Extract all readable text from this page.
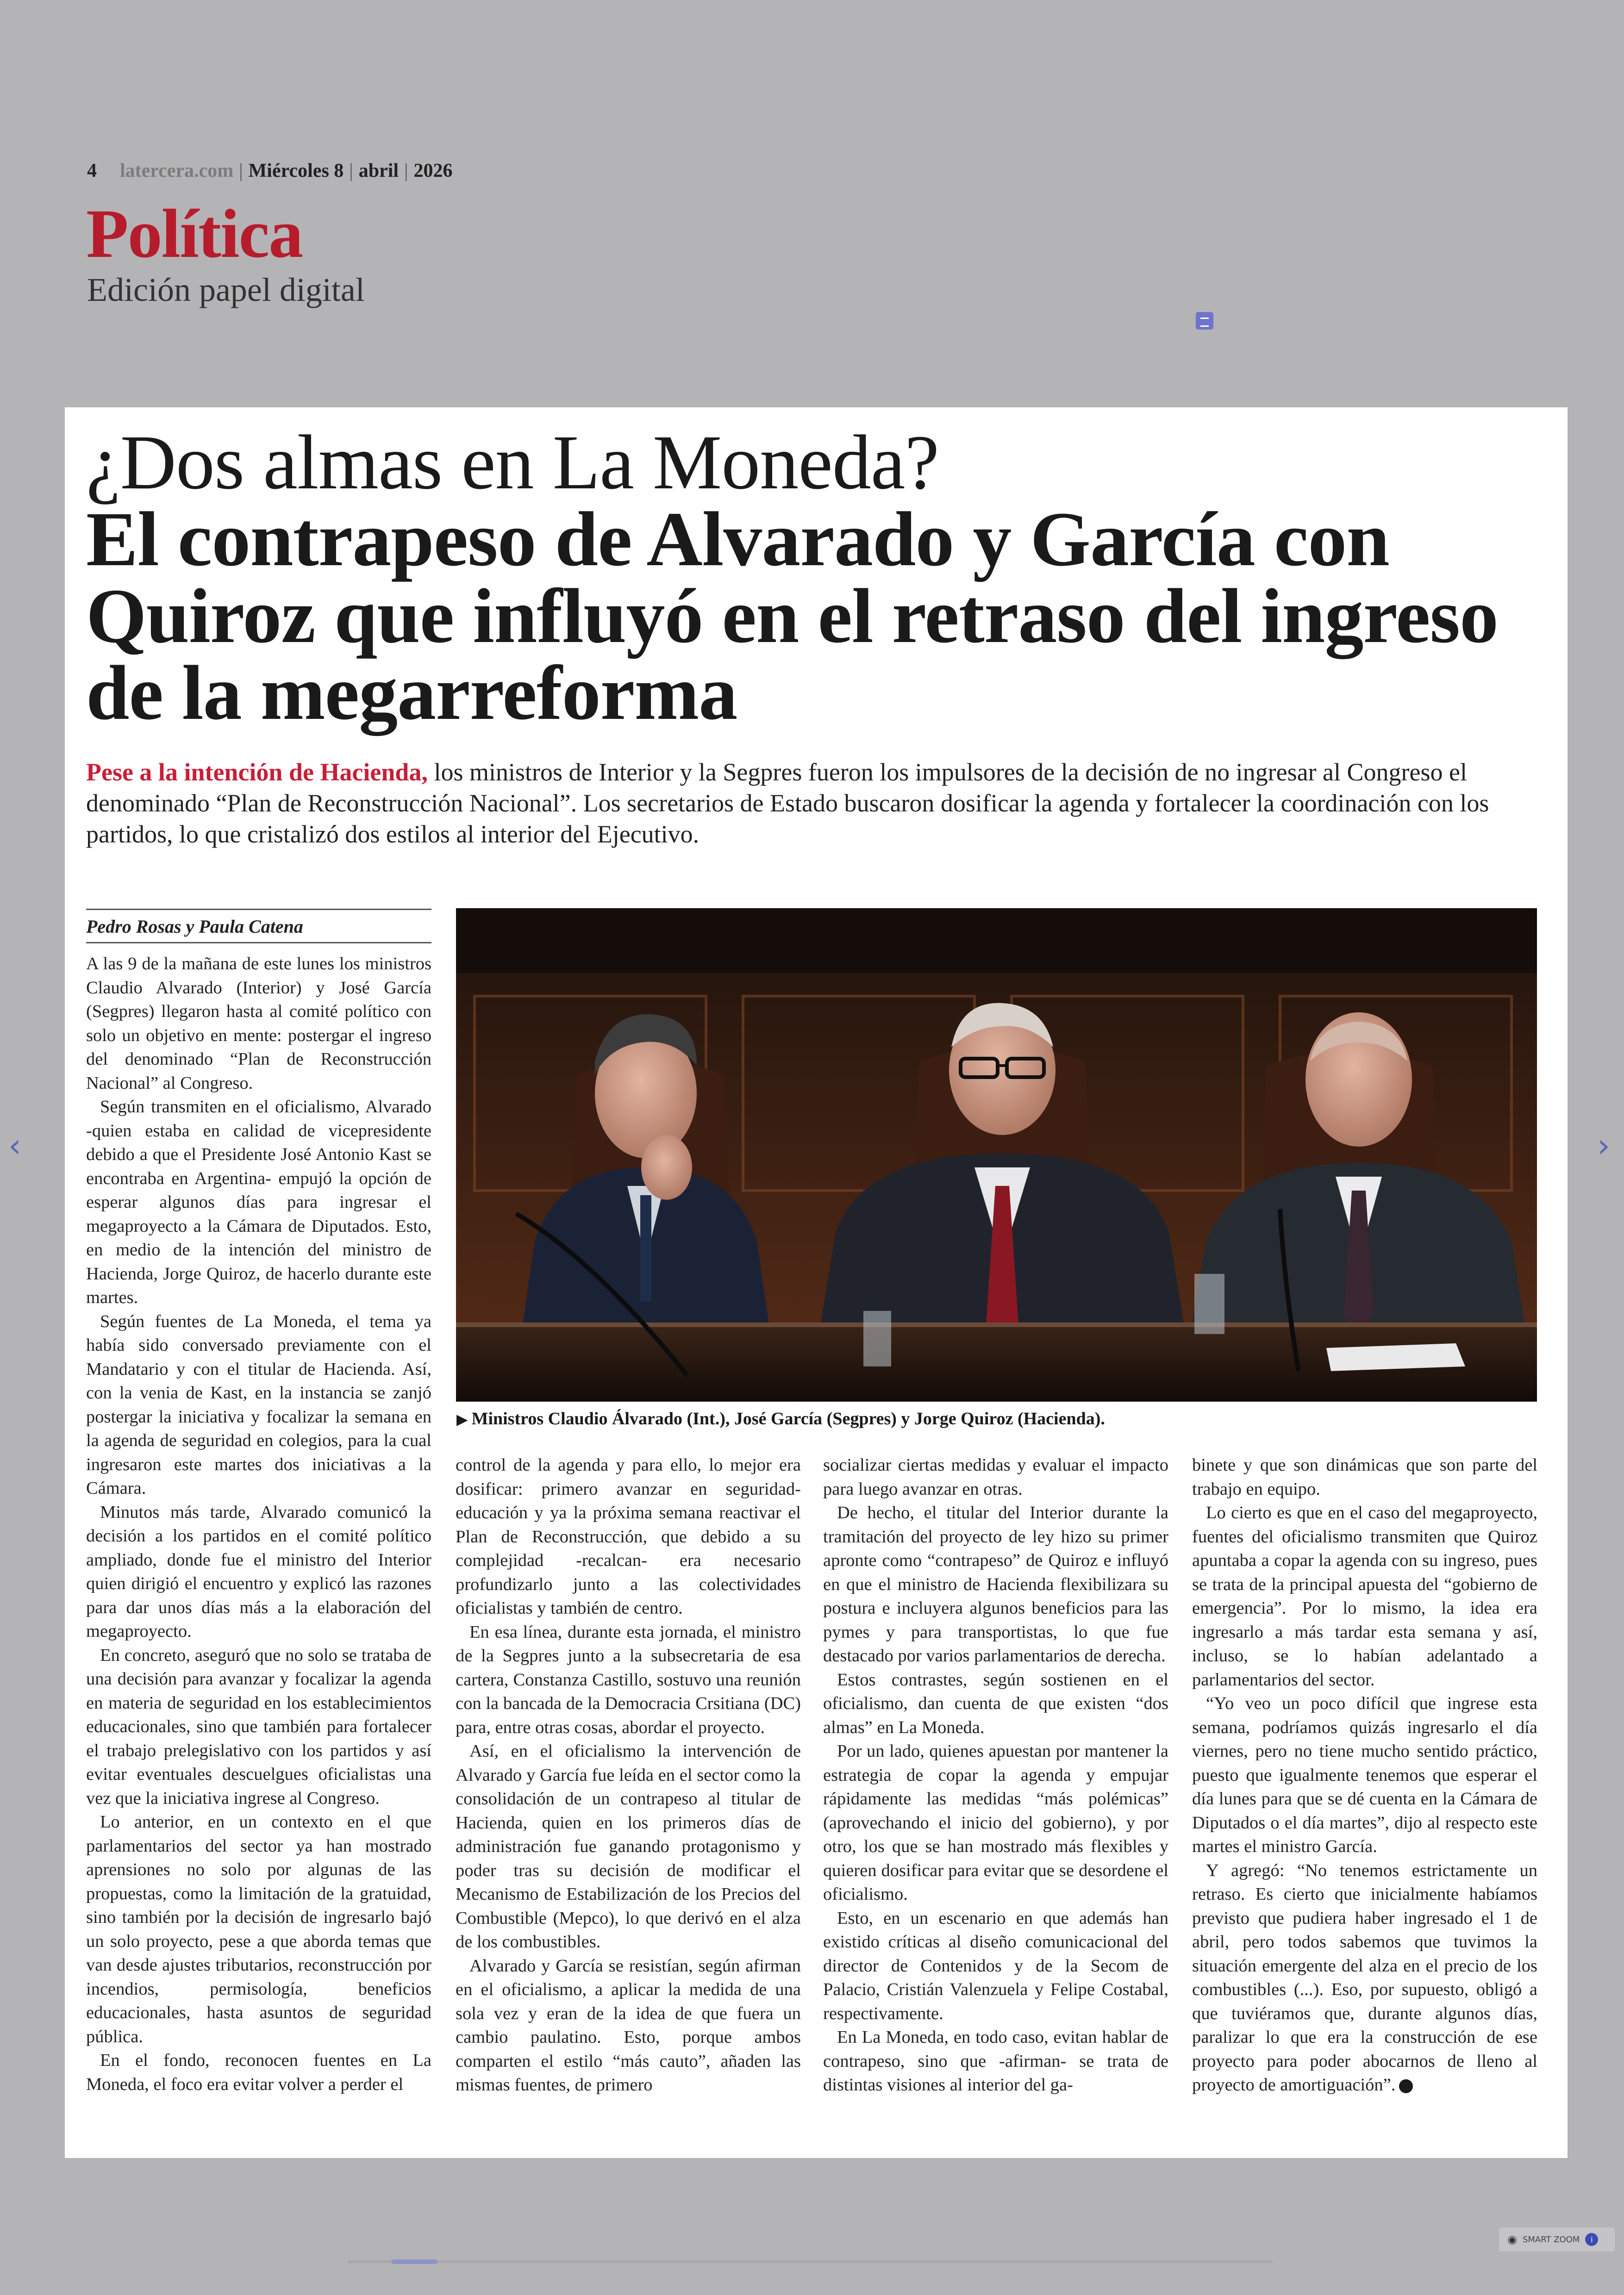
4 latercera.com | Miércoles 8 | abril | 2026
Política
Edición papel digital
‹	›
¿Dos almas en La Moneda?
El contrapeso de Alvarado y García con Quiroz que influyó en el retraso del ingreso de la megarreforma

Pese a la intención de Hacienda, los ministros de Interior y la Segpres fueron los impulsores de la decisión de no ingresar al Congreso el denominado “Plan de Reconstrucción Nacional”. Los secretarios de Estado buscaron dosificar la agenda y fortalecer la coordinación con los partidos, lo que cristalizó dos estilos al interior del Ejecutivo.

Pedro Rosas y Paula Catena

A las 9 de la mañana de este lunes los ministros Claudio Alvarado (Interior) y José García (Segpres) llegaron hasta al comité político con solo un objetivo en mente: postergar el ingreso del denominado “Plan de Reconstrucción Nacional” al Congreso.

Según transmiten en el oficialismo, Alvarado -quien estaba en calidad de vicepresidente debido a que el Presidente José Antonio Kast se encontraba en Argentina- empujó la opción de esperar algunos días para ingresar el megaproyecto a la Cámara de Diputados. Esto, en medio de la intención del ministro de Hacienda, Jorge Quiroz, de hacerlo durante este martes.

Según fuentes de La Moneda, el tema ya había sido conversado previamente con el Mandatario y con el titular de Hacienda. Así, con la venia de Kast, en la instancia se zanjó postergar la iniciativa y focalizar la semana en la agenda de seguridad en colegios, para la cual ingresaron este martes dos iniciativas a la Cámara.

Minutos más tarde, Alvarado comunicó la decisión a los partidos en el comité político ampliado, donde fue el ministro del Interior quien dirigió el encuentro y explicó las razones para dar unos días más a la elaboración del megaproyecto.

En concreto, aseguró que no solo se trataba de una decisión para avanzar y focalizar la agenda en materia de seguridad en los establecimientos educacionales, sino que también para fortalecer el trabajo prelegislativo con los partidos y así evitar eventuales descuelgues oficialistas una vez que la iniciativa ingrese al Congreso.

Lo anterior, en un contexto en el que parlamentarios del sector ya han mostrado aprensiones no solo por algunas de las propuestas, como la limitación de la gratuidad, sino también por la decisión de ingresarlo bajó un solo proyecto, pese a que aborda temas que van desde ajustes tributarios, reconstrucción por incendios, permisología, beneficios educacionales, hasta asuntos de seguridad pública.

En el fondo, reconocen fuentes en La Moneda, el foco era evitar volver a perder el

▶ Ministros Claudio Álvarado (Int.), José García (Segpres) y Jorge Quiroz (Hacienda).

control de la agenda y para ello, lo mejor era dosificar: primero avanzar en seguridad-educación y ya la próxima semana reactivar el Plan de Reconstrucción, que debido a su complejidad -recalcan- era necesario profundizarlo junto a las colectividades oficialistas y también de centro.

En esa línea, durante esta jornada, el ministro de la Segpres junto a la subsecretaria de esa cartera, Constanza Castillo, sostuvo una reunión con la bancada de la Democracia Crsitiana (DC) para, entre otras cosas, abordar el proyecto.

Así, en el oficialismo la intervención de Alvarado y García fue leída en el sector como la consolidación de un contrapeso al titular de Hacienda, quien en los primeros días de administración fue ganando protagonismo y poder tras su decisión de modificar el Mecanismo de Estabilización de los Precios del Combustible (Mepco), lo que derivó en el alza de los combustibles.

Alvarado y García se resistían, según afirman en el oficialismo, a aplicar la medida de una sola vez y eran de la idea de que fuera un cambio paulatino. Esto, porque ambos comparten el estilo “más cauto”, añaden las mismas fuentes, de primero

socializar ciertas medidas y evaluar el impacto para luego avanzar en otras.

De hecho, el titular del Interior durante la tramitación del proyecto de ley hizo su primer apronte como “contrapeso” de Quiroz e influyó en que el ministro de Hacienda flexibilizara su postura e incluyera algunos beneficios para las pymes y para transportistas, lo que fue destacado por varios parlamentarios de derecha.

Estos contrastes, según sostienen en el oficialismo, dan cuenta de que existen “dos almas” en La Moneda.

Por un lado, quienes apuestan por mantener la estrategia de copar la agenda y empujar rápidamente las medidas “más polémicas” (aprovechando el inicio del gobierno), y por otro, los que se han mostrado más flexibles y quieren dosificar para evitar que se desordene el oficialismo.

Esto, en un escenario en que además han existido críticas al diseño comunicacional del director de Contenidos y de la Secom de Palacio, Cristián Valenzuela y Felipe Costabal, respectivamente.

En La Moneda, en todo caso, evitan hablar de contrapeso, sino que -afirman- se trata de distintas visiones al interior del ga-

binete y que son dinámicas que son parte del trabajo en equipo.

Lo cierto es que en el caso del megaproyecto, fuentes del oficialismo transmiten que Quiroz apuntaba a copar la agenda con su ingreso, pues se trata de la principal apuesta del “gobierno de emergencia”. Por lo mismo, la idea era ingresarlo a más tardar esta semana y así, incluso, se lo habían adelantado a parlamentarios del sector.

“Yo veo un poco difícil que ingrese esta semana, podríamos quizás ingresarlo el día viernes, pero no tiene mucho sentido práctico, puesto que igualmente tenemos que esperar el día lunes para que se dé cuenta en la Cámara de Diputados o el día martes”, dijo al respecto este martes el ministro García.

Y agregó: “No tenemos estrictamente un retraso. Es cierto que inicialmente habíamos previsto que pudiera haber ingresado el 1 de abril, pero todos sabemos que tuvimos la situación emergente del alza en el precio de los combustibles (...). Eso, por supuesto, obligó a que tuviéramos que, durante algunos días, paralizar lo que era la construcción de ese proyecto para poder abocarnos de lleno al proyecto de amortiguación”.

◉ SMART ZOOM	i
